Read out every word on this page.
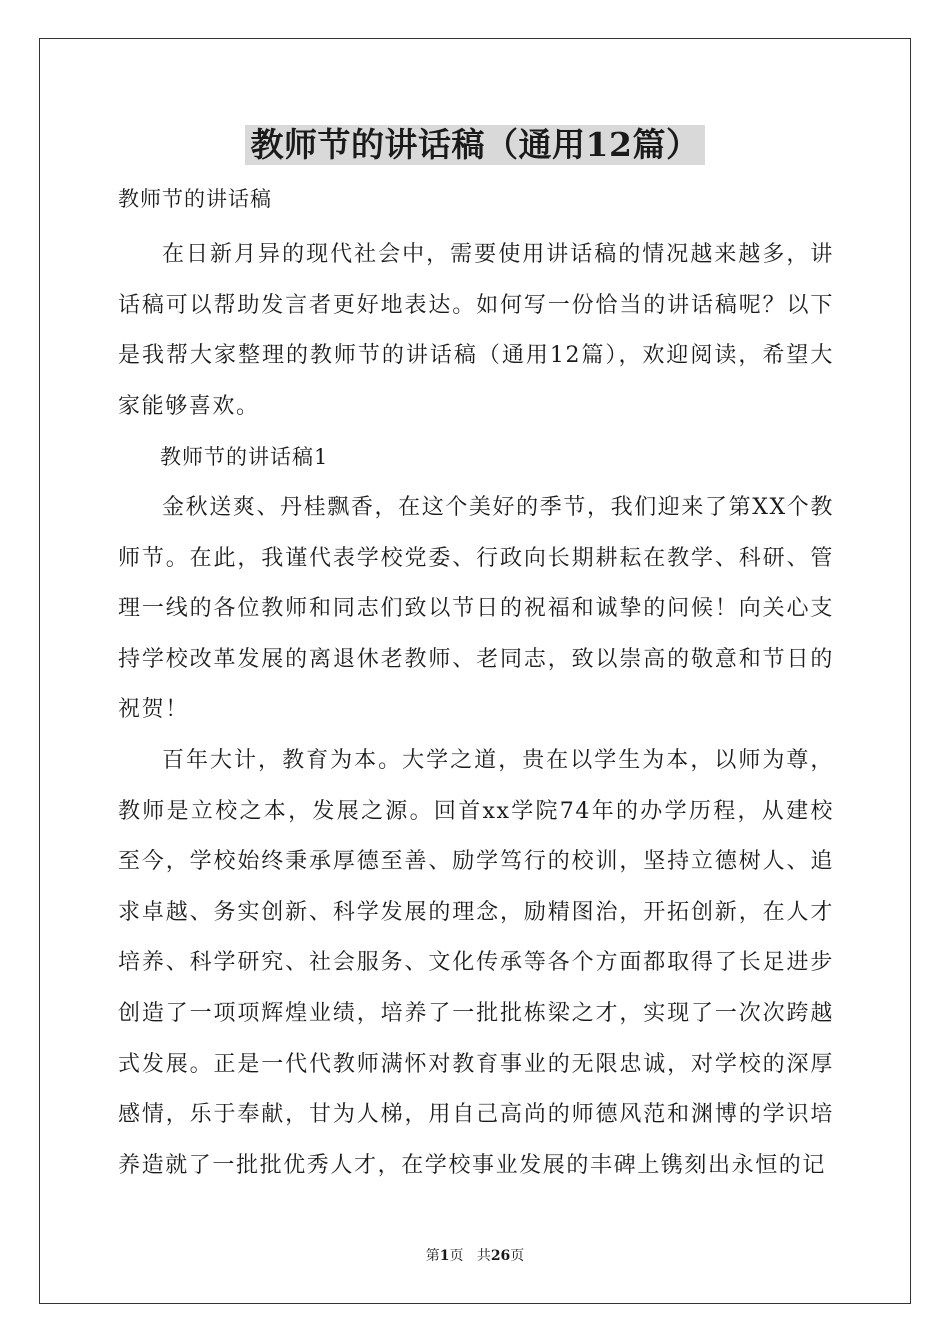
教师节的讲话稿（通用12篇）
教师节的讲话稿

在日新月异的现代社会中，需要使用讲话稿的情况越来越多，讲话稿可以帮助发言者更好地表达。如何写一份恰当的讲话稿呢？以下是我帮大家整理的教师节的讲话稿（通用12篇），欢迎阅读，希望大家能够喜欢。

教师节的讲话稿1

金秋送爽、丹桂飘香，在这个美好的季节，我们迎来了第XX个教师节。在此，我谨代表学校党委、行政向长期耕耘在教学、科研、管理一线的各位教师和同志们致以节日的祝福和诚挚的问候！向关心支持学校改革发展的离退休老教师、老同志，致以崇高的敬意和节日的祝贺！

百年大计，教育为本。大学之道，贵在以学生为本，以师为尊，教师是立校之本，发展之源。回首xx学院74年的办学历程，从建校至今，学校始终秉承厚德至善、励学笃行的校训，坚持立德树人、追求卓越、务实创新、科学发展的理念，励精图治，开拓创新，在人才培养、科学研究、社会服务、文化传承等各个方面都取得了长足进步创造了一项项辉煌业绩，培养了一批批栋梁之才，实现了一次次跨越式发展。正是一代代教师满怀对教育事业的无限忠诚，对学校的深厚感情，乐于奉献，甘为人梯，用自己高尚的师德风范和渊博的学识培养造就了一批批优秀人才，在学校事业发展的丰碑上镌刻出永恒的记

第1页 共26页
